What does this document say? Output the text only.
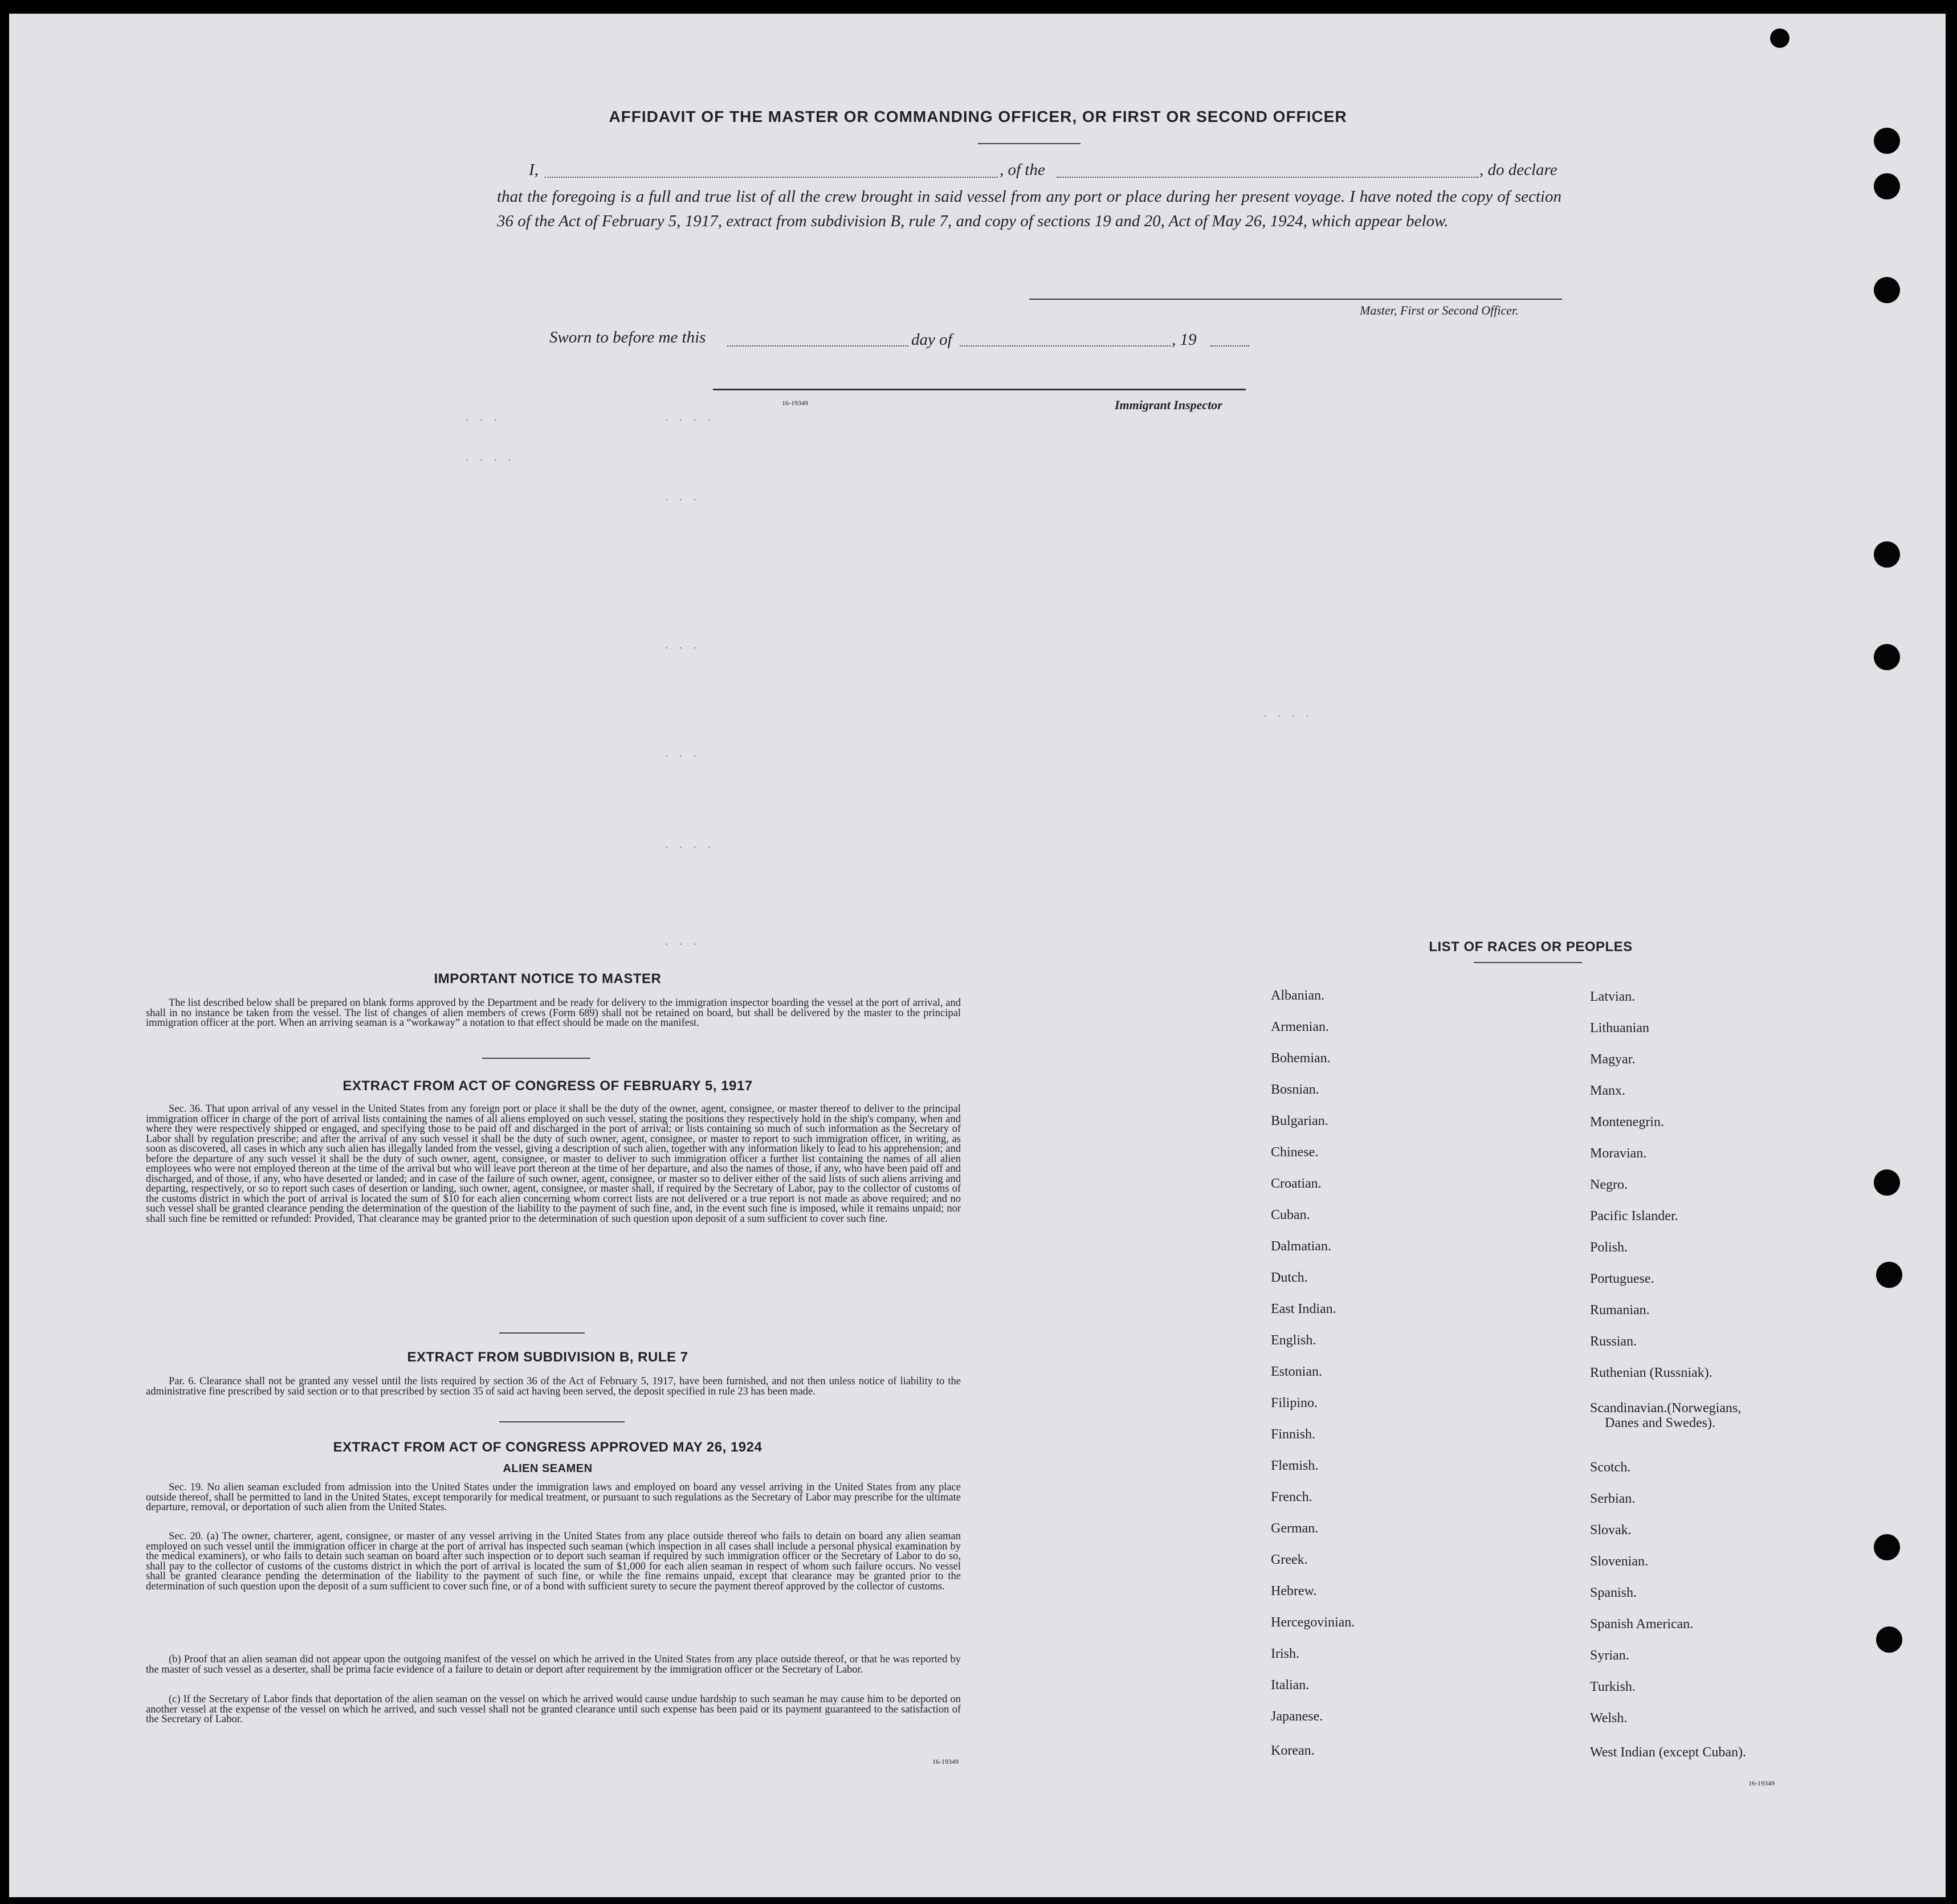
· · ·	· · · ·
· · · ·
· · ·
· · ·
· · · ·
· · ·
· · · ·
· · ·
AFFIDAVIT OF THE MASTER OR COMMANDING OFFICER, OR FIRST OR SECOND OFFICER
I,	, of the	, do declare

that the foregoing is a full and true list of all the crew brought in said vessel from any port or place during her present voyage. I have noted the copy of section 36 of the Act of February 5, 1917, extract from subdivision B, rule 7, and copy of sections 19 and 20, Act of May 26, 1924, which appear below.

Master, First or Second Officer.
Sworn to before me this	day of	, 19
16-19349	Immigrant Inspector
IMPORTANT NOTICE TO MASTER

The list described below shall be prepared on blank forms approved by the Department and be ready for delivery to the immigration inspector boarding the vessel at the port of arrival, and shall in no instance be taken from the vessel. The list of changes of alien members of crews (Form 689) shall not be retained on board, but shall be delivered by the master to the principal immigration officer at the port. When an arriving seaman is a “workaway” a notation to that effect should be made on the manifest.

EXTRACT FROM ACT OF CONGRESS OF FEBRUARY 5, 1917

Sec. 36. That upon arrival of any vessel in the United States from any foreign port or place it shall be the duty of the owner, agent, consignee, or master thereof to deliver to the principal immigration officer in charge of the port of arrival lists containing the names of all aliens employed on such vessel, stating the positions they respectively hold in the ship's company, when and where they were respectively shipped or engaged, and specifying those to be paid off and discharged in the port of arrival; or lists containing so much of such information as the Secretary of Labor shall by regulation prescribe; and after the arrival of any such vessel it shall be the duty of such owner, agent, consignee, or master to report to such immigration officer, in writing, as soon as discovered, all cases in which any such alien has illegally landed from the vessel, giving a description of such alien, together with any information likely to lead to his apprehension; and before the departure of any such vessel it shall be the duty of such owner, agent, consignee, or master to deliver to such immigration officer a further list containing the names of all alien employees who were not employed thereon at the time of the arrival but who will leave port thereon at the time of her departure, and also the names of those, if any, who have been paid off and discharged, and of those, if any, who have deserted or landed; and in case of the failure of such owner, agent, consignee, or master so to deliver either of the said lists of such aliens arriving and departing, respectively, or so to report such cases of desertion or landing, such owner, agent, consignee, or master shall, if required by the Secretary of Labor, pay to the collector of customs of the customs district in which the port of arrival is located the sum of $10 for each alien concerning whom correct lists are not delivered or a true report is not made as above required; and no such vessel shall be granted clearance pending the determination of the question of the liability to the payment of such fine, and, in the event such fine is imposed, while it remains unpaid; nor shall such fine be remitted or refunded: Provided, That clearance may be granted prior to the determination of such question upon deposit of a sum sufficient to cover such fine.

EXTRACT FROM SUBDIVISION B, RULE 7

Par. 6. Clearance shall not be granted any vessel until the lists required by section 36 of the Act of February 5, 1917, have been furnished, and not then unless notice of liability to the administrative fine prescribed by said section or to that prescribed by section 35 of said act having been served, the deposit specified in rule 23 has been made.

EXTRACT FROM ACT OF CONGRESS APPROVED MAY 26, 1924
ALIEN SEAMEN

Sec. 19. No alien seaman excluded from admission into the United States under the immigration laws and employed on board any vessel arriving in the United States from any place outside thereof, shall be permitted to land in the United States, except temporarily for medical treatment, or pursuant to such regulations as the Secretary of Labor may prescribe for the ultimate departure, removal, or deportation of such alien from the United States.

Sec. 20. (a) The owner, charterer, agent, consignee, or master of any vessel arriving in the United States from any place outside thereof who fails to detain on board any alien seaman employed on such vessel until the immigration officer in charge at the port of arrival has inspected such seaman (which inspection in all cases shall include a personal physical examination by the medical examiners), or who fails to detain such seaman on board after such inspection or to deport such seaman if required by such immigration officer or the Secretary of Labor to do so, shall pay to the collector of customs of the customs district in which the port of arrival is located the sum of $1,000 for each alien seaman in respect of whom such failure occurs. No vessel shall be granted clearance pending the determination of the liability to the payment of such fine, or while the fine remains unpaid, except that clearance may be granted prior to the determination of such question upon the deposit of a sum sufficient to cover such fine, or of a bond with sufficient surety to secure the payment thereof approved by the collector of customs.

(b) Proof that an alien seaman did not appear upon the outgoing manifest of the vessel on which he arrived in the United States from any place outside thereof, or that he was reported by the master of such vessel as a deserter, shall be prima facie evidence of a failure to detain or deport after requirement by the immigration officer or the Secretary of Labor.

(c) If the Secretary of Labor finds that deportation of the alien seaman on the vessel on which he arrived would cause undue hardship to such seaman he may cause him to be deported on another vessel at the expense of the vessel on which he arrived, and such vessel shall not be granted clearance until such expense has been paid or its payment guaranteed to the satisfaction of the Secretary of Labor.

16-19349
LIST OF RACES OR PEOPLES
Albanian.
Armenian.
Bohemian.
Bosnian.
Bulgarian.
Chinese.
Croatian.
Cuban.
Dalmatian.
Dutch.
East Indian.
English.
Estonian.
Filipino.
Finnish.
Flemish.
French.
German.
Greek.
Hebrew.
Hercegovinian.
Irish.
Italian.
Japanese.
Korean.
Latvian.
Lithuanian
Magyar.
Manx.
Montenegrin.
Moravian.
Negro.
Pacific Islander.
Polish.
Portuguese.
Rumanian.
Russian.
Ruthenian (Russniak).
Scandinavian.(Norwegians,
Danes and Swedes).
Scotch.
Serbian.
Slovak.
Slovenian.
Spanish.
Spanish American.
Syrian.
Turkish.
Welsh.
West Indian (except Cuban).
16-19349
